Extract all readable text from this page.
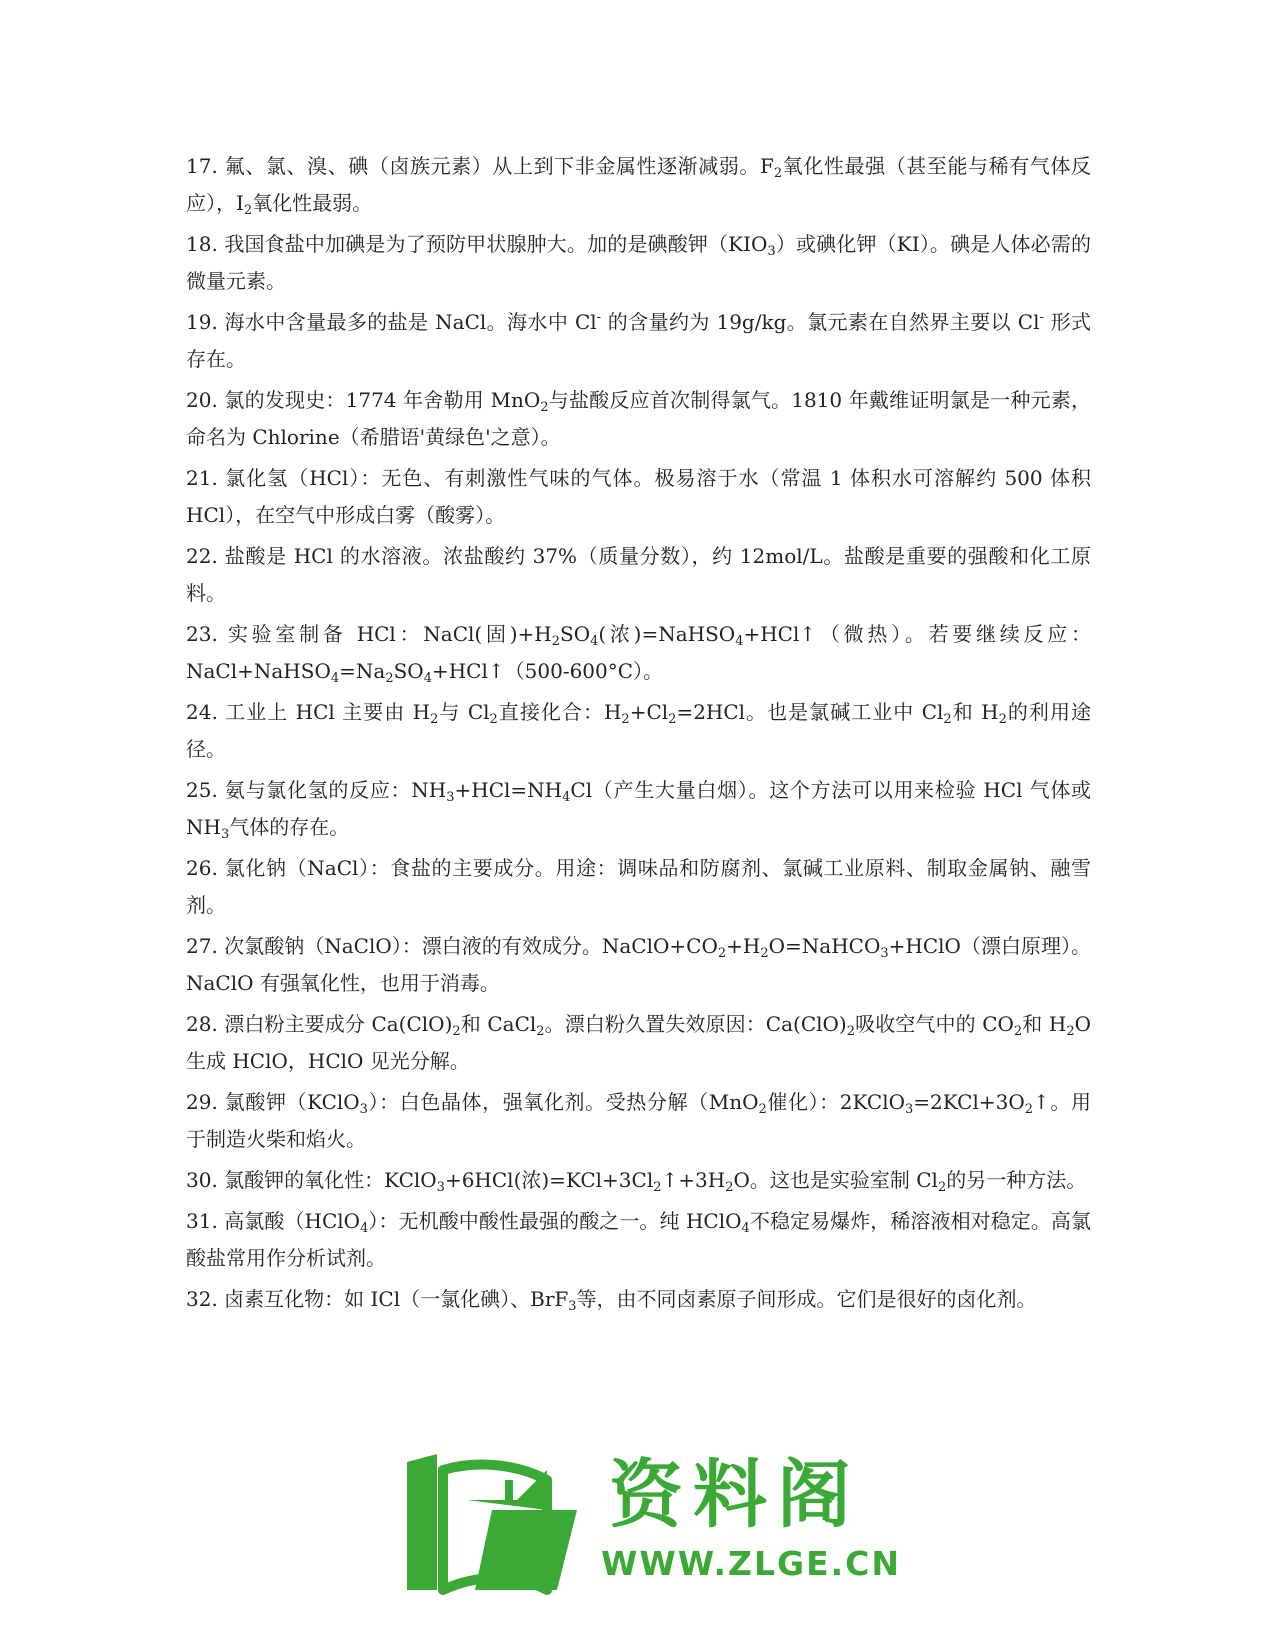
17. 氟、氯、溴、碘（卤族元素）从上到下非金属性逐渐减弱。$F_2$氧化性最强（甚至能与稀有气体反应），$I_2$氧化性最弱。

18. 我国食盐中加碘是为了预防甲状腺肿大。加的是碘酸钾$(KIO_3)$或碘化钾（KI）。碘是人体必需的微量元素。

19. 海水中含量最多的盐是 NaCl。海水中 Cl- 的含量约为 19g/kg。氯元素在自然界主要以 Cl- 形式存在。

20. 氯的发现史：1774 年舍勒用 MnO$_2$与盐酸反应首次制得氯气。1810 年戴维证明氯是一种元素，命名为 Chlorine（希腊语'黄绿色'之意）。

21. 氯化氢（HCl）：无色、有刺激性气味的气体。极易溶于水（常温 1 体积水可溶解约 500 体积 HCl），在空气中形成白雾（酸雾）。

22. 盐酸是 HCl 的水溶液。浓盐酸约 37%（质量分数），约 12mol/L。盐酸是重要的强酸和化工原料。

23. 实验室制备 HCl：NaCl(固)$+H_2SO_4$(浓)=NaHSO$_4$+HCl↑（微热）。若要继续反应：$NaCl+NaHSO_4=Na_2SO_4+HCl↑(500-600^\circ C)$。

24. 工业上 HCl 主要由 $H_2$与 $Cl_2$直接化合：$H_2+Cl_2=2HCl$。也是氯碱工业中 $Cl_2$和 $H_2$的利用途径。

25. 氨与氯化氢的反应：$NH_3+HCl=NH_4Cl$（产生大量白烟）。这个方法可以用来检验 HCl 气体或 $NH_3$气体的存在。

26. 氯化钠（NaCl）：食盐的主要成分。用途：调味品和防腐剂、氯碱工业原料、制取金属钠、融雪剂。

27. 次氯酸钠（NaClO）：漂白液的有效成分。$NaClO+CO_2+H_2O=NaHCO_3+HClO$（漂白原理）。NaClO 有强氧化性，也用于消毒。

28. 漂白粉主要成分 $Ca(ClO)_2$和 CaCl$_2$。漂白粉久置失效原因：$Ca(ClO)_2$吸收空气中的 $CO_2$和 $H_2O$ 生成 HClO，HClO 见光分解。

29. 氯酸钾（KClO$_3$）：白色晶体，强氧化剂。受热分解（MnO$_2$催化）：$2KClO_3=2KCl+3O_2↑$。用于制造火柴和焰火。

30. 氯酸钾的氧化性：KClO$_3$+6HCl(浓)$=KCl+3Cl_2↑+3H_2O$。这也是实验室制 $Cl_2$的另一种方法。

31. 高氯酸（HClO$_4$）：无机酸中酸性最强的酸之一。纯 HClO$_4$不稳定易爆炸，稀溶液相对稳定。高氯酸盐常用作分析试剂。

32. 卤素互化物：如 ICl（一氯化碘）、BrF$_3$等，由不同卤素原子间形成。它们是很好的卤化剂。

资料阁
WWW.ZLGE.CN
